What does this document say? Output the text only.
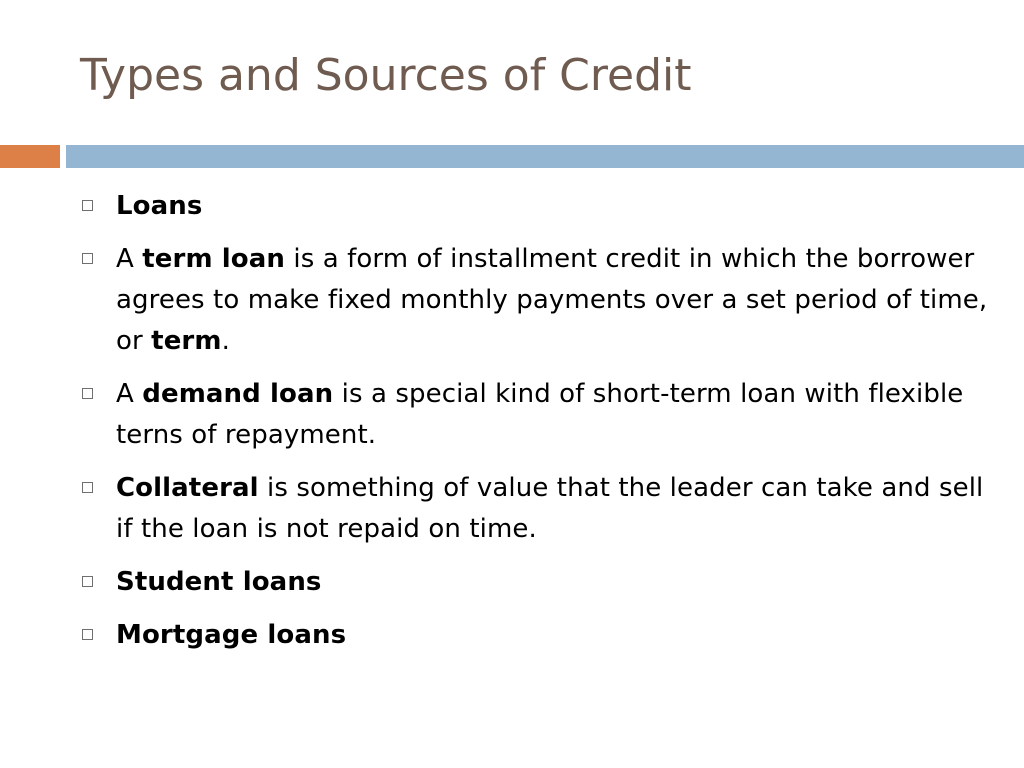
Types and Sources of Credit
Loans
A term loan is a form of installment credit in which the borrower agrees to make fixed monthly payments over a set period of time, or term.
A demand loan is a special kind of short-term loan with flexible terns of repayment.
Collateral is something of value that the leader can take and sell if the loan is not repaid on time.
Student loans
Mortgage loans
